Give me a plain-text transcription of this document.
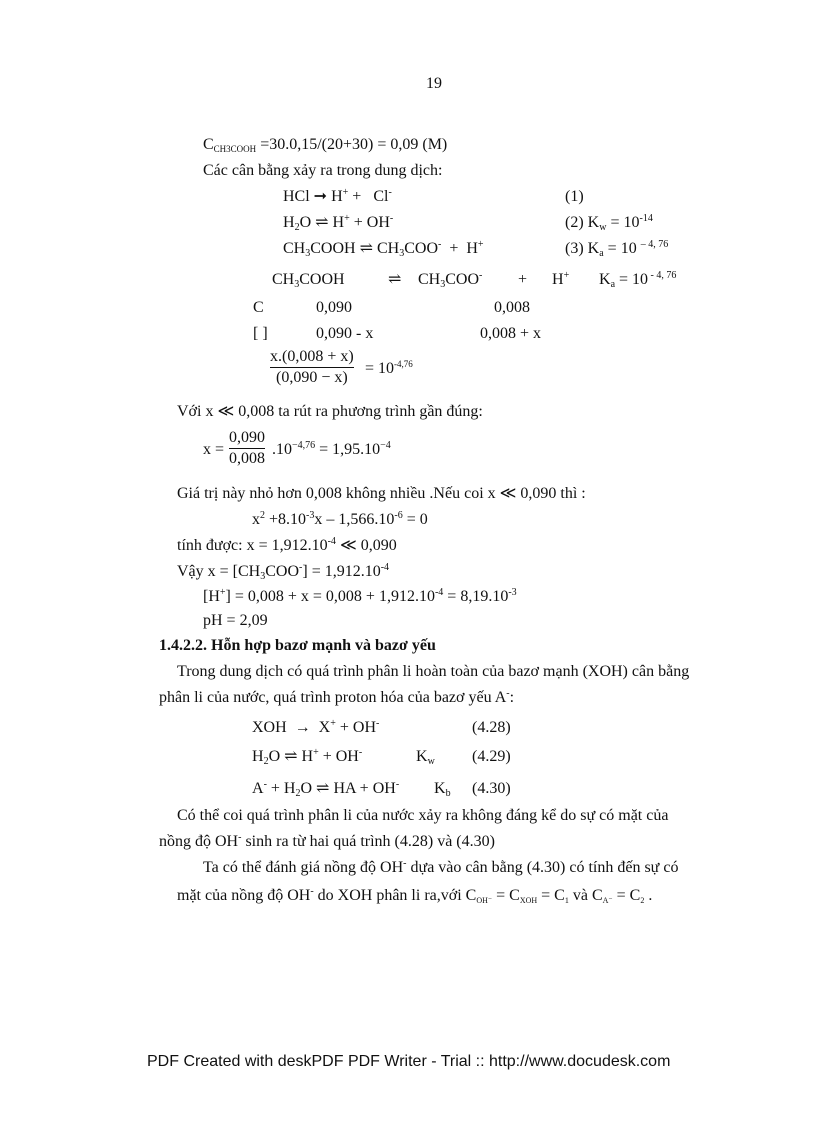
19
$C_{CH3COOH} =30.0,15/(20+30) = 0,09$ (M)
Các cân bằng xảy ra trong dung dịch:
HCl ➞ H+ +   Cl-	(1)
$H_2O$ ⇌ H+ + OH-	(2) $K_w = 10^{-14}$
$CH_3COOH$ ⇌ $CH_3COO^- + H^+$	(3) $K_a = 10$ $^{- 4, 76}$
$CH_3COOH$	⇌ $CH_3COO^- + H^+$ $K_a = 10$ $^{- 4, 76}$
C	0,090	0,008
[ ]	0,090 - x	0,008 + x
$\frac{x.(0,008 + x)}{(0,090 - x)} = 10^{-4,76}$
Với x ≪ 0,008 ta rút ra phương trình gần đúng:
$x = \frac{0,090}{0,008} .10^{-4,76} = 1,95.10^{-4}$
Giá trị này nhỏ hơn 0,008 không nhiều .Nếu coi x ≪ 0,090 thì :
$x^2 +8.10^{-3}x - 1,566.10^{-6} = 0$
tính được: $x = 1,912.10^{-4}$ ≪ 0,090
Vậy $x = [CH_3COO^-] = 1,912.10^{-4}$
$[H^+] = 0,008 + x = 0,008 + 1,912.10^{-4} = 8,19.10^{-3}$
pH = 2,09
1.4.2.2. Hỗn hợp bazơ mạnh và bazơ yếu
Trong dung dịch có quá trình phân li hoàn toàn của bazơ mạnh (XOH) cân bằng
phân li của nước, quá trình proton hóa của bazơ yếu A-:
XOH  →  X+ + OH-	(4.28)
$H_2O$ ⇌ H+ + OH-	$K_w$ (4.29)
$A^- + H_2O$ ⇌ HA + OH- $K_b$ (4.30)
Có thể coi quá trình phân li của nước xảy ra không đáng kể do sự có mặt của
nồng độ OH- sinh ra từ hai quá trình (4.28) và (4.30)
Ta có thể đánh giá nồng độ OH- dựa vào cân bằng (4.30) có tính đến sự có
mặt của nồng độ OH- do XOH phân li ra,với $C_{OH^-} = C_{XOH} = C_1$ và $C_{A^-} = C_2$ .
PDF Created with deskPDF PDF Writer - Trial :: http://www.docudesk.com
